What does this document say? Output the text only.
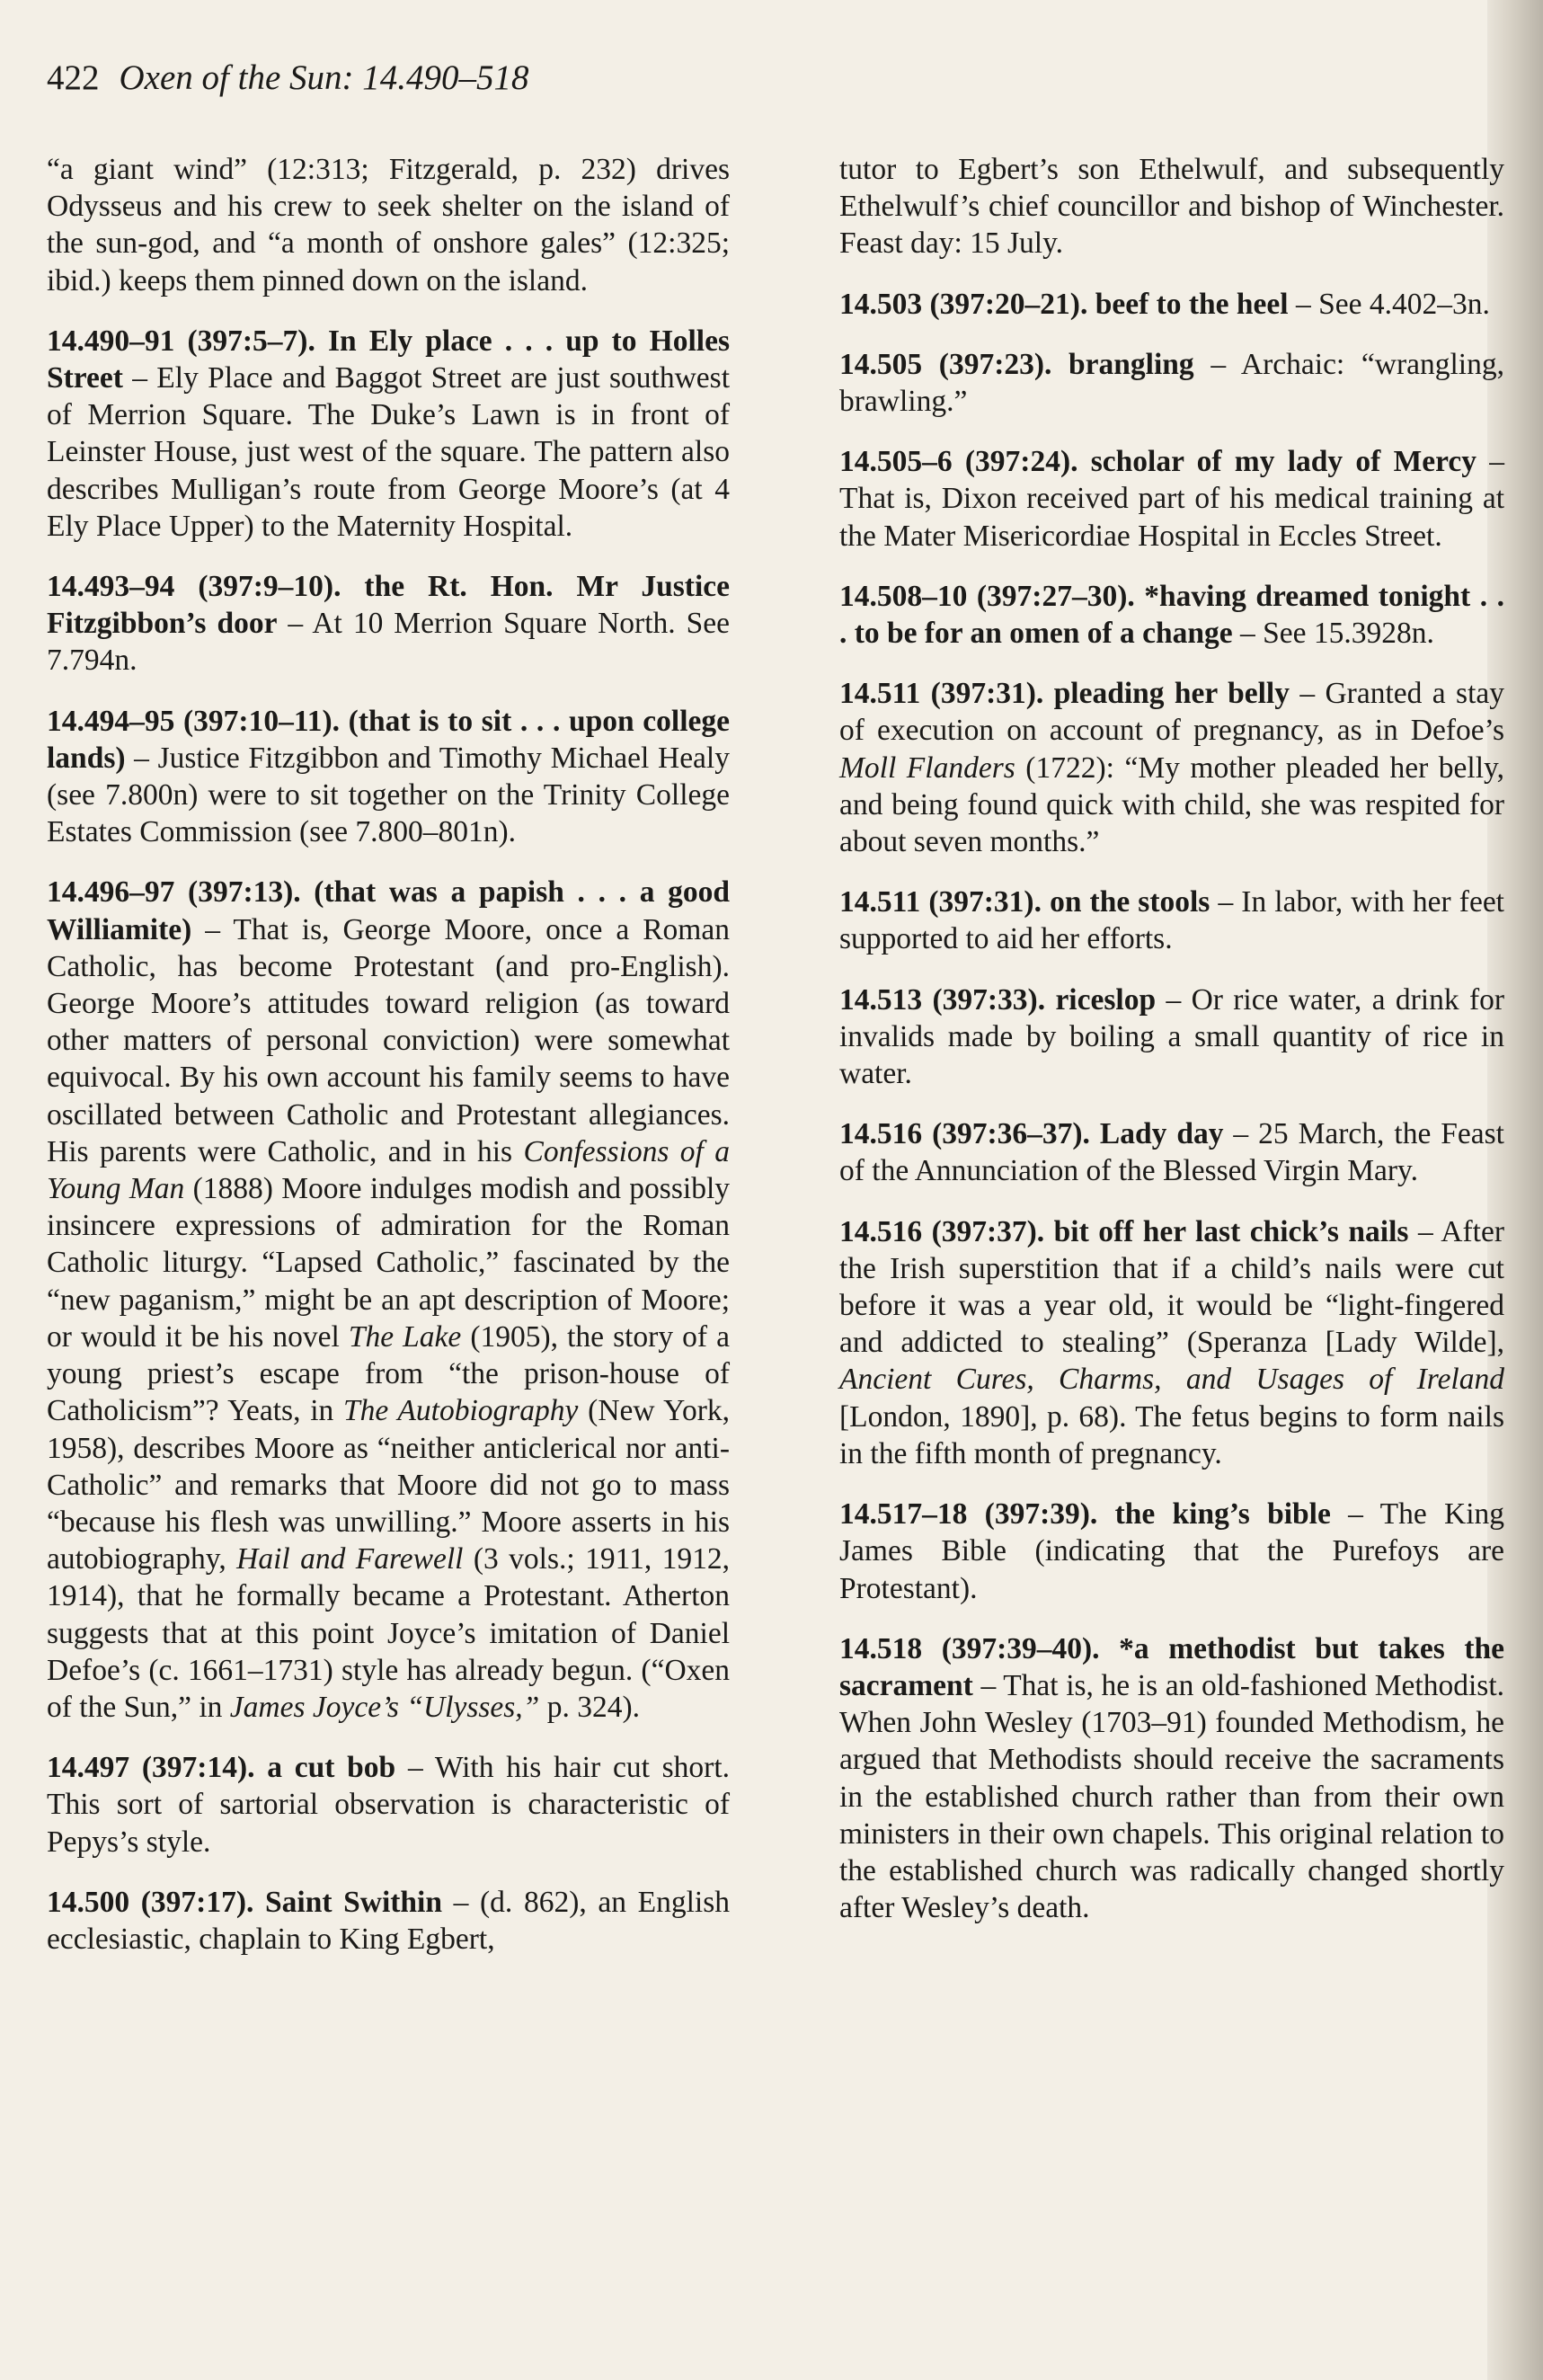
422 Oxen of the Sun: 14.490–518

“a giant wind” (12:313; Fitzgerald, p. 232) drives Odysseus and his crew to seek shelter on the island of the sun-god, and “a month of onshore gales” (12:325; ibid.) keeps them pinned down on the island.

14.490–91 (397:5–7). In Ely place . . . up to Holles Street – Ely Place and Baggot Street are just southwest of Merrion Square. The Duke’s Lawn is in front of Leinster House, just west of the square. The pattern also describes Mulligan’s route from George Moore’s (at 4 Ely Place Upper) to the Maternity Hospital.

14.493–94 (397:9–10). the Rt. Hon. Mr Justice Fitzgibbon’s door – At 10 Merrion Square North. See 7.794n.

14.494–95 (397:10–11). (that is to sit . . . upon college lands) – Justice Fitzgibbon and Timothy Michael Healy (see 7.800n) were to sit together on the Trinity College Estates Commission (see 7.800–801n).

14.496–97 (397:13). (that was a papish . . . a good Williamite) – That is, George Moore, once a Roman Catholic, has become Protestant (and pro-English). George Moore’s attitudes toward religion (as toward other matters of personal conviction) were somewhat equivocal. By his own account his family seems to have oscillated between Catholic and Protestant allegiances. His parents were Catholic, and in his Confessions of a Young Man (1888) Moore indulges modish and possibly insincere expressions of admiration for the Roman Catholic liturgy. “Lapsed Catholic,” fascinated by the “new paganism,” might be an apt description of Moore; or would it be his novel The Lake (1905), the story of a young priest’s escape from “the prison-house of Catholicism”? Yeats, in The Autobiography (New York, 1958), describes Moore as “neither anticlerical nor anti-Catholic” and remarks that Moore did not go to mass “because his flesh was unwilling.” Moore asserts in his autobiography, Hail and Farewell (3 vols.; 1911, 1912, 1914), that he formally became a Protestant. Atherton suggests that at this point Joyce’s imitation of Daniel Defoe’s (c. 1661–1731) style has already begun. (“Oxen of the Sun,” in James Joyce’s “Ulysses,” p. 324).

14.497 (397:14). a cut bob – With his hair cut short. This sort of sartorial observation is characteristic of Pepys’s style.

14.500 (397:17). Saint Swithin – (d. 862), an English ecclesiastic, chaplain to King Egbert,

tutor to Egbert’s son Ethelwulf, and subsequently Ethelwulf’s chief councillor and bishop of Winchester. Feast day: 15 July.

14.503 (397:20–21). beef to the heel – See 4.402–3n.

14.505 (397:23). brangling – Archaic: “wrangling, brawling.”

14.505–6 (397:24). scholar of my lady of Mercy – That is, Dixon received part of his medical training at the Mater Misericordiae Hospital in Eccles Street.

14.508–10 (397:27–30). *having dreamed tonight . . . to be for an omen of a change – See 15.3928n.

14.511 (397:31). pleading her belly – Granted a stay of execution on account of pregnancy, as in Defoe’s Moll Flanders (1722): “My mother pleaded her belly, and being found quick with child, she was respited for about seven months.”

14.511 (397:31). on the stools – In labor, with her feet supported to aid her efforts.

14.513 (397:33). riceslop – Or rice water, a drink for invalids made by boiling a small quantity of rice in water.

14.516 (397:36–37). Lady day – 25 March, the Feast of the Annunciation of the Blessed Virgin Mary.

14.516 (397:37). bit off her last chick’s nails – After the Irish superstition that if a child’s nails were cut before it was a year old, it would be “light-fingered and addicted to stealing” (Speranza [Lady Wilde], Ancient Cures, Charms, and Usages of Ireland [London, 1890], p. 68). The fetus begins to form nails in the fifth month of pregnancy.

14.517–18 (397:39). the king’s bible – The King James Bible (indicating that the Purefoys are Protestant).

14.518 (397:39–40). *a methodist but takes the sacrament – That is, he is an old-fashioned Methodist. When John Wesley (1703–91) founded Methodism, he argued that Methodists should receive the sacraments in the established church rather than from their own ministers in their own chapels. This original relation to the established church was radically changed shortly after Wesley’s death.
